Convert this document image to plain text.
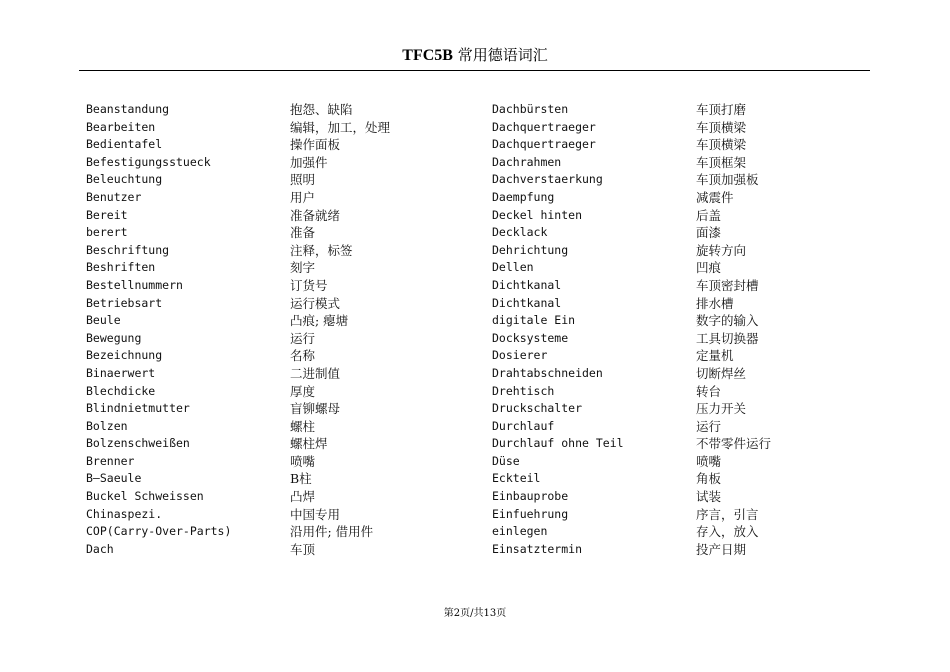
TFC5B 常用德语词汇
Beanstandung
Bearbeiten
Bedientafel
Befestigungsstueck
Beleuchtung
Benutzer
Bereit
berert
Beschriftung
Beshriften
Bestellnummern
Betriebsart
Beule
Bewegung
Bezeichnung
Binaerwert
Blechdicke
Blindnietmutter
Bolzen
Bolzenschweißen
Brenner
B—Saeule
Buckel Schweissen
Chinaspezi.
COP(Carry-Over-Parts)
Dach
抱怨、缺陷
编辑，加工，处理
操作面板
加强件
照明
用户
准备就绪
准备
注释，标签
刻字
订货号
运行模式
凸痕; 瘪塘
运行
名称
二进制值
厚度
盲铆螺母
螺柱
螺柱焊
喷嘴
B柱
凸焊
中国专用
沿用件; 借用件
车顶
Dachbürsten
Dachquertraeger
Dachquertraeger
Dachrahmen
Dachverstaerkung
Daempfung
Deckel hinten
Decklack
Dehrichtung
Dellen
Dichtkanal
Dichtkanal
digitale Ein
Docksysteme
Dosierer
Drahtabschneiden
Drehtisch
Druckschalter
Durchlauf
Durchlauf ohne Teil
Düse
Eckteil
Einbauprobe
Einfuehrung
einlegen
Einsatztermin
车顶打磨
车顶横梁
车顶横梁
车顶框架
车顶加强板
减震件
后盖
面漆
旋转方向
凹痕
车顶密封槽
排水槽
数字的输入
工具切换器
定量机
切断焊丝
转台
压力开关
运行
不带零件运行
喷嘴
角板
试装
序言，引言
存入，放入
投产日期
第2页/共13页
